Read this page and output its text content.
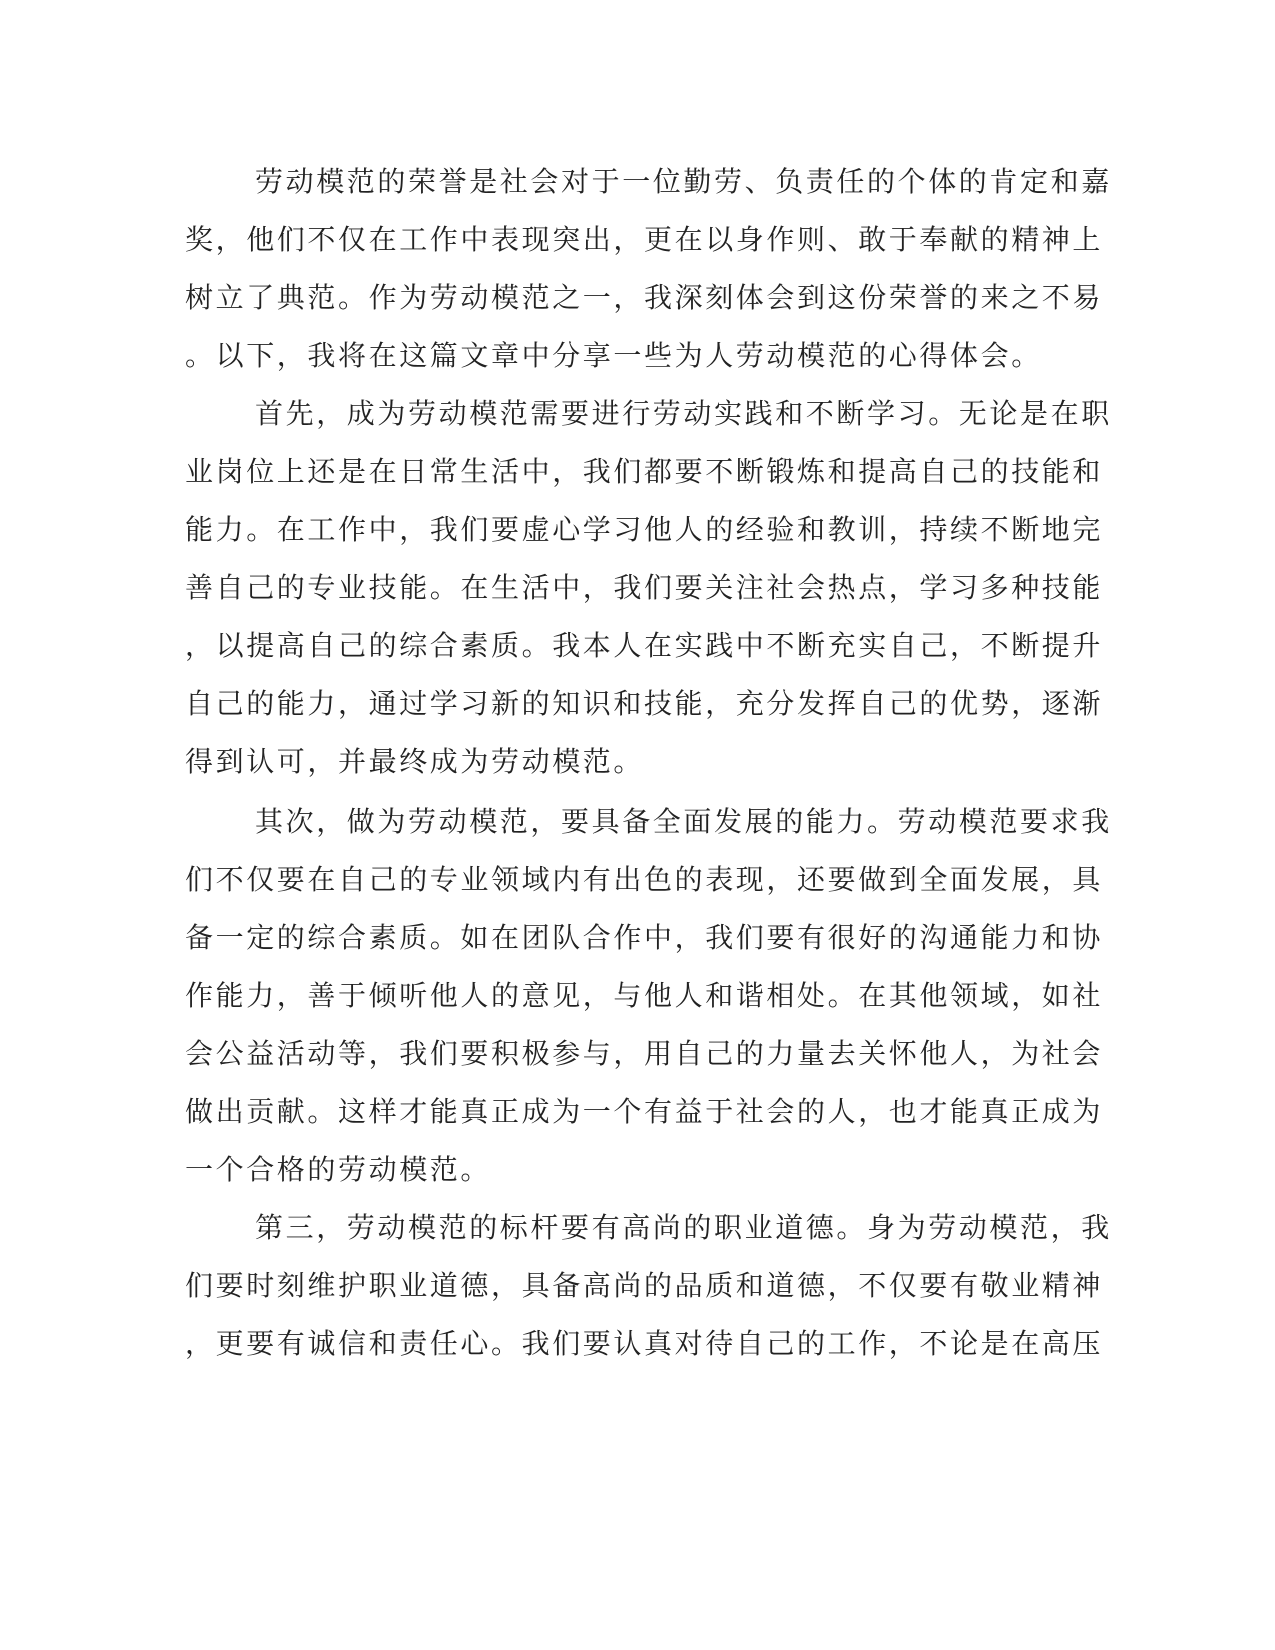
劳动模范的荣誉是社会对于一位勤劳、负责任的个体的肯定和嘉
奖，他们不仅在工作中表现突出，更在以身作则、敢于奉献的精神上
树立了典范。作为劳动模范之一，我深刻体会到这份荣誉的来之不易
。以下，我将在这篇文章中分享一些为人劳动模范的心得体会。
首先，成为劳动模范需要进行劳动实践和不断学习。无论是在职
业岗位上还是在日常生活中，我们都要不断锻炼和提高自己的技能和
能力。在工作中，我们要虚心学习他人的经验和教训，持续不断地完
善自己的专业技能。在生活中，我们要关注社会热点，学习多种技能
，以提高自己的综合素质。我本人在实践中不断充实自己，不断提升
自己的能力，通过学习新的知识和技能，充分发挥自己的优势，逐渐
得到认可，并最终成为劳动模范。
其次，做为劳动模范，要具备全面发展的能力。劳动模范要求我
们不仅要在自己的专业领域内有出色的表现，还要做到全面发展，具
备一定的综合素质。如在团队合作中，我们要有很好的沟通能力和协
作能力，善于倾听他人的意见，与他人和谐相处。在其他领域，如社
会公益活动等，我们要积极参与，用自己的力量去关怀他人，为社会
做出贡献。这样才能真正成为一个有益于社会的人，也才能真正成为
一个合格的劳动模范。
第三，劳动模范的标杆要有高尚的职业道德。身为劳动模范，我
们要时刻维护职业道德，具备高尚的品质和道德，不仅要有敬业精神
，更要有诚信和责任心。我们要认真对待自己的工作，不论是在高压
